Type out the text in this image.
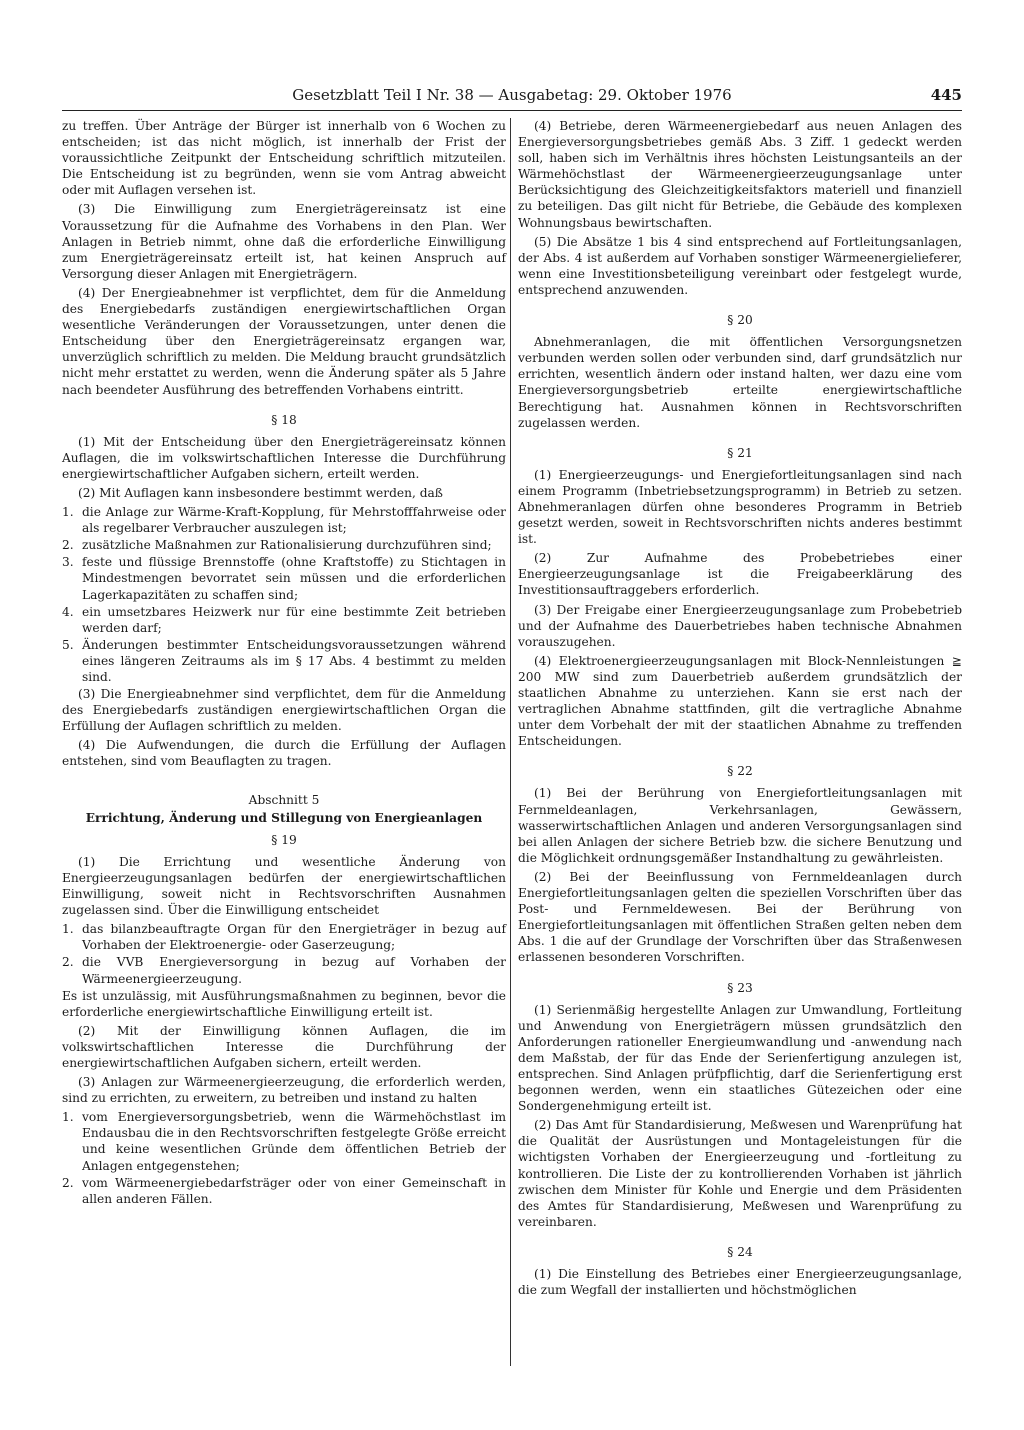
Gesetzblatt Teil I Nr. 38 — Ausgabetag: 29. Oktober 1976	445

zu treffen. Über Anträge der Bürger ist innerhalb von 6 Wochen zu entscheiden; ist das nicht möglich, ist innerhalb der Frist der voraussichtliche Zeitpunkt der Entscheidung schriftlich mitzuteilen. Die Entscheidung ist zu begründen, wenn sie vom Antrag abweicht oder mit Auflagen versehen ist.

(3) Die Einwilligung zum Energieträgereinsatz ist eine Voraussetzung für die Aufnahme des Vorhabens in den Plan. Wer Anlagen in Betrieb nimmt, ohne daß die erforderliche Einwilligung zum Energieträgereinsatz erteilt ist, hat keinen Anspruch auf Versorgung dieser Anlagen mit Energieträgern.

(4) Der Energieabnehmer ist verpflichtet, dem für die Anmeldung des Energiebedarfs zuständigen energiewirtschaftlichen Organ wesentliche Veränderungen der Voraussetzungen, unter denen die Entscheidung über den Energieträgereinsatz ergangen war, unverzüglich schriftlich zu melden. Die Meldung braucht grundsätzlich nicht mehr erstattet zu werden, wenn die Änderung später als 5 Jahre nach beendeter Ausführung des betreffenden Vorhabens eintritt.

§ 18

(1) Mit der Entscheidung über den Energieträgereinsatz können Auflagen, die im volkswirtschaftlichen Interesse die Durchführung energiewirtschaftlicher Aufgaben sichern, erteilt werden.

(2) Mit Auflagen kann insbesondere bestimmt werden, daß

1. die Anlage zur Wärme-Kraft-Kopplung, für Mehrstofffahrweise oder als regelbarer Verbraucher auszulegen ist;
2. zusätzliche Maßnahmen zur Rationalisierung durchzuführen sind;
3. feste und flüssige Brennstoffe (ohne Kraftstoffe) zu Stichtagen in Mindestmengen bevorratet sein müssen und die erforderlichen Lagerkapazitäten zu schaffen sind;
4. ein umsetzbares Heizwerk nur für eine bestimmte Zeit betrieben werden darf;
5. Änderungen bestimmter Entscheidungsvoraussetzungen während eines längeren Zeitraums als im § 17 Abs. 4 bestimmt zu melden sind.

(3) Die Energieabnehmer sind verpflichtet, dem für die Anmeldung des Energiebedarfs zuständigen energiewirtschaftlichen Organ die Erfüllung der Auflagen schriftlich zu melden.

(4) Die Aufwendungen, die durch die Erfüllung der Auflagen entstehen, sind vom Beauflagten zu tragen.

Abschnitt 5
Errichtung, Änderung und Stillegung von Energieanlagen
§ 19

(1) Die Errichtung und wesentliche Änderung von Energieerzeugungsanlagen bedürfen der energiewirtschaftlichen Einwilligung, soweit nicht in Rechtsvorschriften Ausnahmen zugelassen sind. Über die Einwilligung entscheidet

1. das bilanzbeauftragte Organ für den Energieträger in bezug auf Vorhaben der Elektroenergie- oder Gaserzeugung;
2. die VVB Energieversorgung in bezug auf Vorhaben der Wärmeenergieerzeugung.

Es ist unzulässig, mit Ausführungsmaßnahmen zu beginnen, bevor die erforderliche energiewirtschaftliche Einwilligung erteilt ist.

(2) Mit der Einwilligung können Auflagen, die im volkswirtschaftlichen Interesse die Durchführung der energiewirtschaftlichen Aufgaben sichern, erteilt werden.

(3) Anlagen zur Wärmeenergieerzeugung, die erforderlich werden, sind zu errichten, zu erweitern, zu betreiben und instand zu halten

1. vom Energieversorgungsbetrieb, wenn die Wärmehöchstlast im Endausbau die in den Rechtsvorschriften festgelegte Größe erreicht und keine wesentlichen Gründe dem öffentlichen Betrieb der Anlagen entgegenstehen;
2. vom Wärmeenergiebedarfsträger oder von einer Gemeinschaft in allen anderen Fällen.

(4) Betriebe, deren Wärmeenergiebedarf aus neuen Anlagen des Energieversorgungsbetriebes gemäß Abs. 3 Ziff. 1 gedeckt werden soll, haben sich im Verhältnis ihres höchsten Leistungsanteils an der Wärmehöchstlast der Wärmeenergieerzeugungsanlage unter Berücksichtigung des Gleichzeitigkeitsfaktors materiell und finanziell zu beteiligen. Das gilt nicht für Betriebe, die Gebäude des komplexen Wohnungsbaus bewirtschaften.

(5) Die Absätze 1 bis 4 sind entsprechend auf Fortleitungsanlagen, der Abs. 4 ist außerdem auf Vorhaben sonstiger Wärmeenergielieferer, wenn eine Investitionsbeteiligung vereinbart oder festgelegt wurde, entsprechend anzuwenden.

§ 20

Abnehmeranlagen, die mit öffentlichen Versorgungsnetzen verbunden werden sollen oder verbunden sind, darf grundsätzlich nur errichten, wesentlich ändern oder instand halten, wer dazu eine vom Energieversorgungsbetrieb erteilte energiewirtschaftliche Berechtigung hat. Ausnahmen können in Rechtsvorschriften zugelassen werden.

§ 21

(1) Energieerzeugungs- und Energiefortleitungsanlagen sind nach einem Programm (Inbetriebsetzungsprogramm) in Betrieb zu setzen. Abnehmeranlagen dürfen ohne besonderes Programm in Betrieb gesetzt werden, soweit in Rechtsvorschriften nichts anderes bestimmt ist.

(2) Zur Aufnahme des Probebetriebes einer Energieerzeugungsanlage ist die Freigabeerklärung des Investitionsauftraggebers erforderlich.

(3) Der Freigabe einer Energieerzeugungsanlage zum Probebetrieb und der Aufnahme des Dauerbetriebes haben technische Abnahmen vorauszugehen.

(4) Elektroenergieerzeugungsanlagen mit Block-Nennleistungen ≧ 200 MW sind zum Dauerbetrieb außerdem grundsätzlich der staatlichen Abnahme zu unterziehen. Kann sie erst nach der vertraglichen Abnahme stattfinden, gilt die vertragliche Abnahme unter dem Vorbehalt der mit der staatlichen Abnahme zu treffenden Entscheidungen.

§ 22

(1) Bei der Berührung von Energiefortleitungsanlagen mit Fernmeldeanlagen, Verkehrsanlagen, Gewässern, wasserwirtschaftlichen Anlagen und anderen Versorgungsanlagen sind bei allen Anlagen der sichere Betrieb bzw. die sichere Benutzung und die Möglichkeit ordnungsgemäßer Instandhaltung zu gewährleisten.

(2) Bei der Beeinflussung von Fernmeldeanlagen durch Energiefortleitungsanlagen gelten die speziellen Vorschriften über das Post- und Fernmeldewesen. Bei der Berührung von Energiefortleitungsanlagen mit öffentlichen Straßen gelten neben dem Abs. 1 die auf der Grundlage der Vorschriften über das Straßenwesen erlassenen besonderen Vorschriften.

§ 23

(1) Serienmäßig hergestellte Anlagen zur Umwandlung, Fortleitung und Anwendung von Energieträgern müssen grundsätzlich den Anforderungen rationeller Energieumwandlung und -anwendung nach dem Maßstab, der für das Ende der Serienfertigung anzulegen ist, entsprechen. Sind Anlagen prüfpflichtig, darf die Serienfertigung erst begonnen werden, wenn ein staatliches Gütezeichen oder eine Sondergenehmigung erteilt ist.

(2) Das Amt für Standardisierung, Meßwesen und Warenprüfung hat die Qualität der Ausrüstungen und Montageleistungen für die wichtigsten Vorhaben der Energieerzeugung und -fortleitung zu kontrollieren. Die Liste der zu kontrollierenden Vorhaben ist jährlich zwischen dem Minister für Kohle und Energie und dem Präsidenten des Amtes für Standardisierung, Meßwesen und Warenprüfung zu vereinbaren.

§ 24

(1) Die Einstellung des Betriebes einer Energieerzeugungsanlage, die zum Wegfall der installierten und höchstmöglichen
